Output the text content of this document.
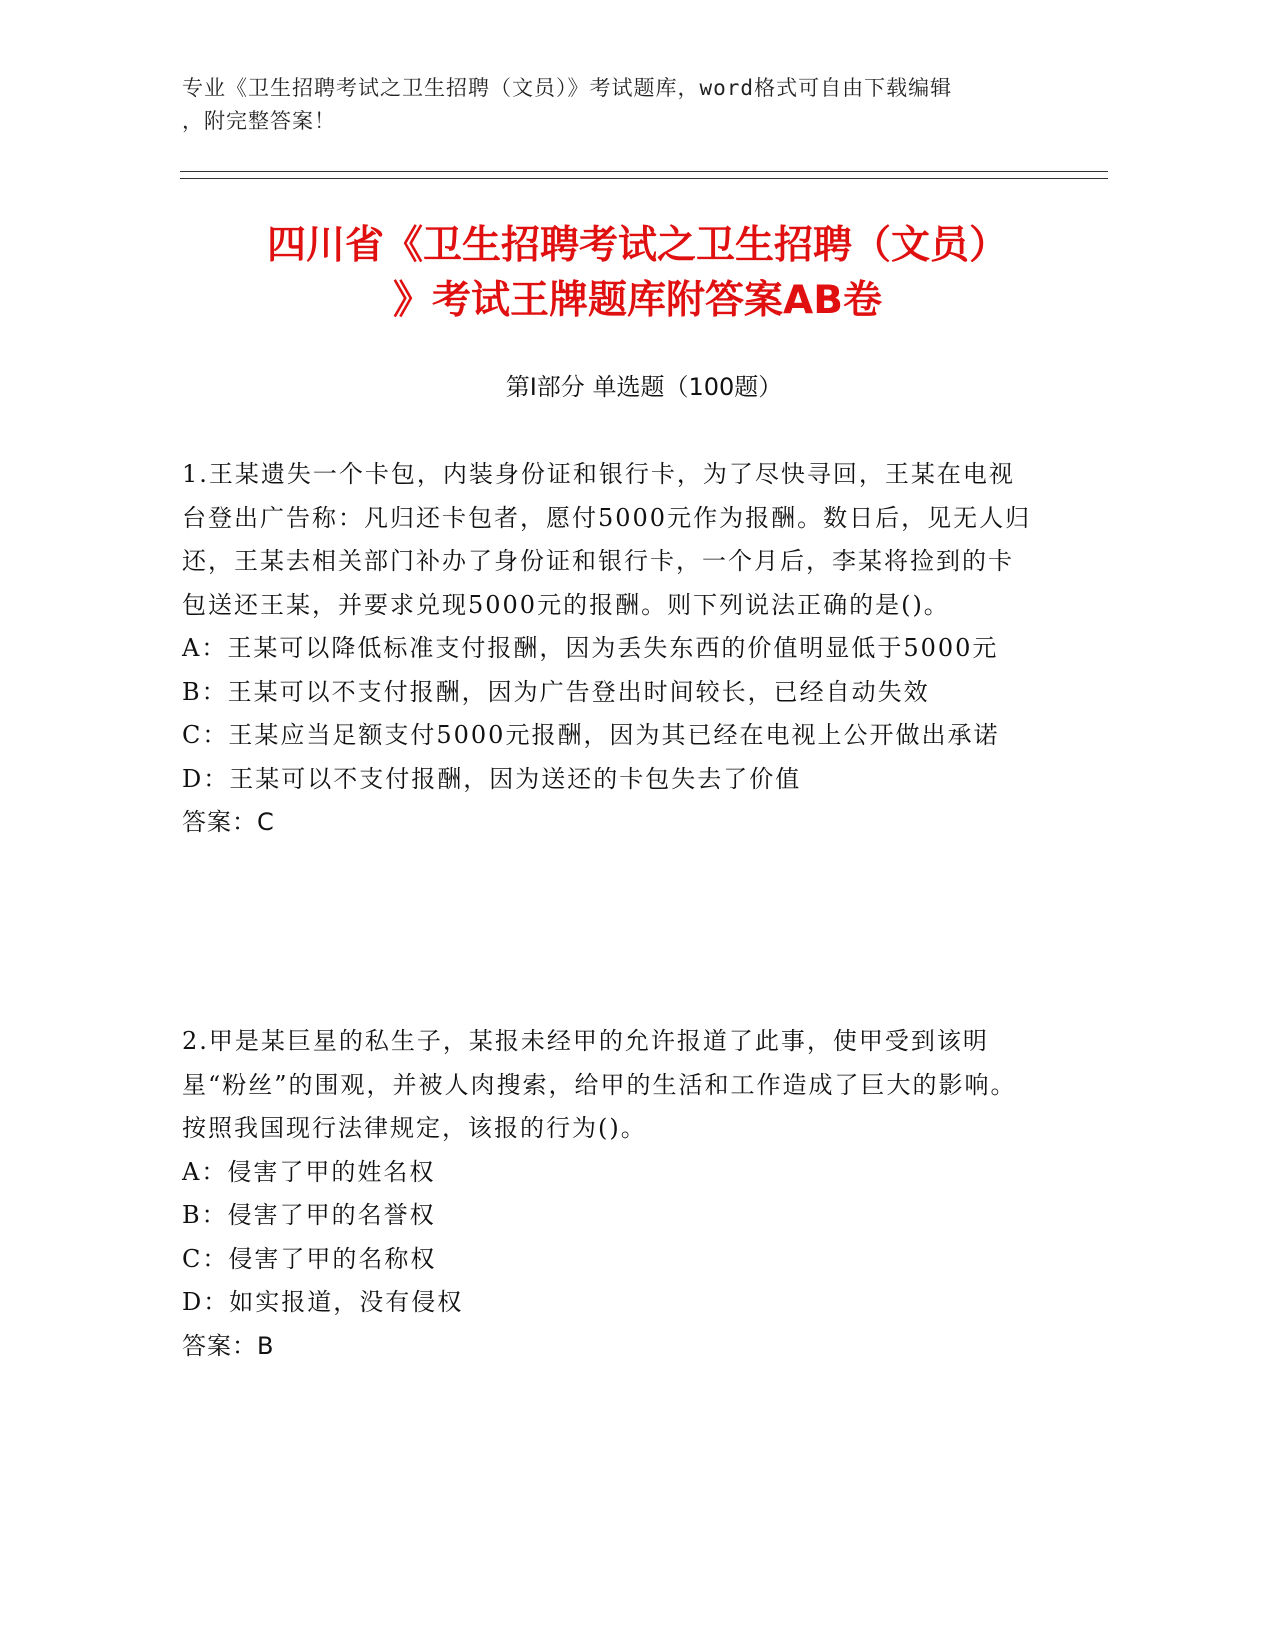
专业《卫生招聘考试之卫生招聘（文员）》考试题库，word格式可自由下载编辑
，附完整答案！
四川省《卫生招聘考试之卫生招聘（文员）
》考试王牌题库附答案AB卷
第Ⅰ部分 单选题（100题）
1.王某遗失一个卡包，内装身份证和银行卡，为了尽快寻回，王某在电视台登出广告称：凡归还卡包者，愿付5000元作为报酬。数日后，见无人归还，王某去相关部门补办了身份证和银行卡，一个月后，李某将捡到的卡包送还王某，并要求兑现5000元的报酬。则下列说法正确的是()。
A：王某可以降低标准支付报酬，因为丢失东西的价值明显低于5000元
B：王某可以不支付报酬，因为广告登出时间较长，已经自动失效
C：王某应当足额支付5000元报酬，因为其已经在电视上公开做出承诺
D：王某可以不支付报酬，因为送还的卡包失去了价值
答案：C
2.甲是某巨星的私生子，某报未经甲的允许报道了此事，使甲受到该明星“粉丝”的围观，并被人肉搜索，给甲的生活和工作造成了巨大的影响。按照我国现行法律规定，该报的行为()。
A：侵害了甲的姓名权
B：侵害了甲的名誉权
C：侵害了甲的名称权
D：如实报道，没有侵权
答案：B
